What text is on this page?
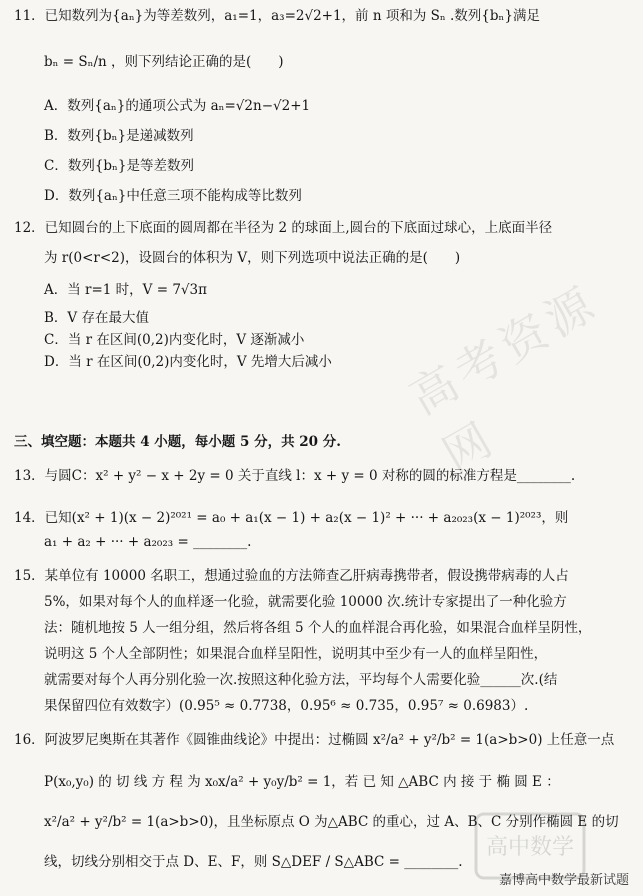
11．已知数列为{aₙ}为等差数列，a₁=1，a₃=2√2+1，前 n 项和为 Sₙ .数列{bₙ}满足
bₙ = Sₙ/n ，则下列结论正确的是(　　)
A．数列{aₙ}的通项公式为 aₙ=√2n−√2+1
B．数列{bₙ}是递减数列
C．数列{bₙ}是等差数列
D．数列{aₙ}中任意三项不能构成等比数列
12．已知圆台的上下底面的圆周都在半径为 2 的球面上,圆台的下底面过球心，上底面半径
为 r(0<r<2)，设圆台的体积为 V，则下列选项中说法正确的是(　　)
A．当 r=1 时，V = 7√3π
B．V 存在最大值
C．当 r 在区间(0,2)内变化时，V 逐渐减小
D．当 r 在区间(0,2)内变化时，V 先增大后减小
三、填空题：本题共 4 小题，每小题 5 分，共 20 分.
13．与圆C：x² + y² − x + 2y = 0 关于直线 l：x + y = 0 对称的圆的标准方程是________.
14．已知(x² + 1)(x − 2)²⁰²¹ = a₀ + a₁(x − 1) + a₂(x − 1)² + ··· + a₂₀₂₃(x − 1)²⁰²³，则
a₁ + a₂ + ··· + a₂₀₂₃ = ________.
15．某单位有 10000 名职工，想通过验血的方法筛查乙肝病毒携带者，假设携带病毒的人占
5%，如果对每个人的血样逐一化验，就需要化验 10000 次.统计专家提出了一种化验方
法：随机地按 5 人一组分组，然后将各组 5 个人的血样混合再化验，如果混合血样呈阴性，
说明这 5 个人全部阴性；如果混合血样呈阳性，说明其中至少有一人的血样呈阳性，
就需要对每个人再分别化验一次.按照这种化验方法，平均每个人需要化验______次.(结
果保留四位有效数字）(0.95⁵ ≈ 0.7738，0.95⁶ ≈ 0.735，0.95⁷ ≈ 0.6983）.
16．阿波罗尼奥斯在其著作《圆锥曲线论》中提出：过椭圆 x²/a² + y²/b² = 1(a>b>0) 上任意一点
P(x₀,y₀) 的 切 线 方 程 为 x₀x/a² + y₀y/b² = 1，若 已 知 △ABC 内 接 于 椭 圆 E ：
x²/a² + y²/b² = 1(a>b>0)，且坐标原点 O 为△ABC 的重心，过 A、B、C 分别作椭圆 E 的切
线，切线分别相交于点 D、E、F，则 S△DEF / S△ABC = ________.
高考资源网
高中数学
嘉博高中数学最新试题
